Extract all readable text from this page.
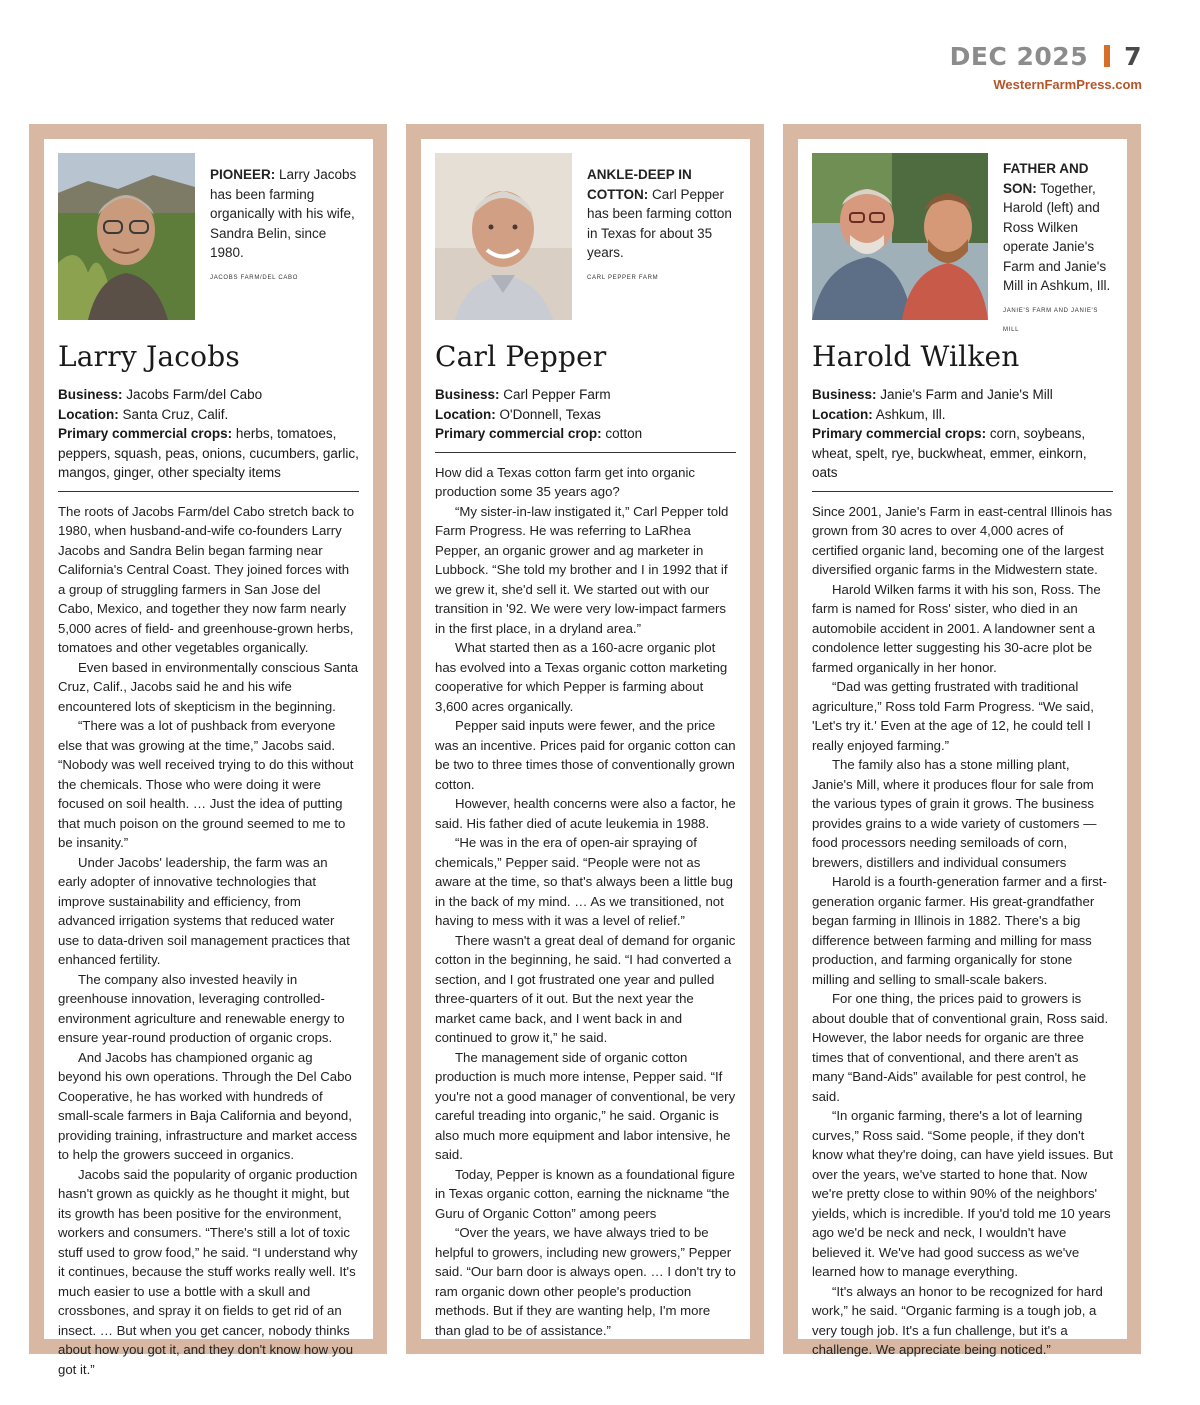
DEC 2025 7
WesternFarmPress.com
PIONEER: Larry Jacobs has been farming organically with his wife, Sandra Belin, since 1980.
JACOBS FARM/DEL CABO
Larry Jacobs
Business: Jacobs Farm/del Cabo
Location: Santa Cruz, Calif.
Primary commercial crops: herbs, tomatoes, peppers, squash, peas, onions, cucumbers, garlic, mangos, ginger, other specialty items

The roots of Jacobs Farm/del Cabo stretch back to 1980, when husband-and-wife co-founders Larry Jacobs and Sandra Belin began farming near California's Central Coast. They joined forces with a group of struggling farmers in San Jose del Cabo, Mexico, and together they now farm nearly 5,000 acres of field- and greenhouse-grown herbs, tomatoes and other vegetables organically.

Even based in environmentally conscious Santa Cruz, Calif., Jacobs said he and his wife encountered lots of skepticism in the beginning.

“There was a lot of pushback from everyone else that was growing at the time,” Jacobs said. “Nobody was well received trying to do this without the chemicals. Those who were doing it were focused on soil health. … Just the idea of putting that much poison on the ground seemed to me to be insanity.”

Under Jacobs' leadership, the farm was an early adopter of innovative technologies that improve sustainability and efficiency, from advanced irrigation systems that reduced water use to data-driven soil management practices that enhanced fertility.

The company also invested heavily in greenhouse innovation, leveraging controlled-environment agriculture and renewable energy to ensure year-round production of organic crops.

And Jacobs has championed organic ag beyond his own operations. Through the Del Cabo Cooperative, he has worked with hundreds of small-scale farmers in Baja California and beyond, providing training, infrastructure and market access to help the growers succeed in organics.

Jacobs said the popularity of organic production hasn't grown as quickly as he thought it might, but its growth has been positive for the environment, workers and consumers. “There's still a lot of toxic stuff used to grow food,” he said. “I understand why it continues, because the stuff works really well. It's much easier to use a bottle with a skull and crossbones, and spray it on fields to get rid of an insect. … But when you get cancer, nobody thinks about how you got it, and they don't know how you got it.”

ANKLE-DEEP IN COTTON: Carl Pepper has been farming cotton in Texas for about 35 years.
CARL PEPPER FARM
Carl Pepper
Business: Carl Pepper Farm
Location: O'Donnell, Texas
Primary commercial crop: cotton

How did a Texas cotton farm get into organic production some 35 years ago?

“My sister-in-law instigated it,” Carl Pepper told Farm Progress. He was referring to LaRhea Pepper, an organic grower and ag marketer in Lubbock. “She told my brother and I in 1992 that if we grew it, she'd sell it. We started out with our transition in '92. We were very low-impact farmers in the first place, in a dryland area.”

What started then as a 160-acre organic plot has evolved into a Texas organic cotton marketing cooperative for which Pepper is farming about 3,600 acres organically.

Pepper said inputs were fewer, and the price was an incentive. Prices paid for organic cotton can be two to three times those of conventionally grown cotton.

However, health concerns were also a factor, he said. His father died of acute leukemia in 1988.

“He was in the era of open-air spraying of chemicals,” Pepper said. “People were not as aware at the time, so that's always been a little bug in the back of my mind. … As we transitioned, not having to mess with it was a level of relief.”

There wasn't a great deal of demand for organic cotton in the beginning, he said. “I had converted a section, and I got frustrated one year and pulled three-quarters of it out. But the next year the market came back, and I went back in and continued to grow it,” he said.

The management side of organic cotton production is much more intense, Pepper said. “If you're not a good manager of conventional, be very careful treading into organic,” he said. Organic is also much more equipment and labor intensive, he said.

Today, Pepper is known as a foundational figure in Texas organic cotton, earning the nickname “the Guru of Organic Cotton” among peers

“Over the years, we have always tried to be helpful to growers, including new growers,” Pepper said. “Our barn door is always open. … I don't try to ram organic down other people's production methods. But if they are wanting help, I'm more than glad to be of assistance.”

FATHER AND SON: Together, Harold (left) and Ross Wilken operate Janie's Farm and Janie's Mill in Ashkum, Ill.
JANIE'S FARM AND JANIE'S MILL
Harold Wilken
Business: Janie's Farm and Janie's Mill
Location: Ashkum, Ill.
Primary commercial crops: corn, soybeans, wheat, spelt, rye, buckwheat, emmer, einkorn, oats

Since 2001, Janie's Farm in east-central Illinois has grown from 30 acres to over 4,000 acres of certified organic land, becoming one of the largest diversified organic farms in the Midwestern state.

Harold Wilken farms it with his son, Ross. The farm is named for Ross' sister, who died in an automobile accident in 2001. A landowner sent a condolence letter suggesting his 30-acre plot be farmed organically in her honor.

“Dad was getting frustrated with traditional agriculture,” Ross told Farm Progress. “We said, 'Let's try it.' Even at the age of 12, he could tell I really enjoyed farming.”

The family also has a stone milling plant, Janie's Mill, where it produces flour for sale from the various types of grain it grows. The business provides grains to a wide variety of customers — food processors needing semiloads of corn, brewers, distillers and individual consumers

Harold is a fourth-generation farmer and a first-generation organic farmer. His great-grandfather began farming in Illinois in 1882. There's a big difference between farming and milling for mass production, and farming organically for stone milling and selling to small-scale bakers.

For one thing, the prices paid to growers is about double that of conventional grain, Ross said. However, the labor needs for organic are three times that of conventional, and there aren't as many “Band-Aids” available for pest control, he said.

“In organic farming, there's a lot of learning curves,” Ross said. “Some people, if they don't know what they're doing, can have yield issues. But over the years, we've started to hone that. Now we're pretty close to within 90% of the neighbors' yields, which is incredible. If you'd told me 10 years ago we'd be neck and neck, I wouldn't have believed it. We've had good success as we've learned how to manage everything.

“It's always an honor to be recognized for hard work,” he said. “Organic farming is a tough job, a very tough job. It's a fun challenge, but it's a challenge. We appreciate being noticed.”
